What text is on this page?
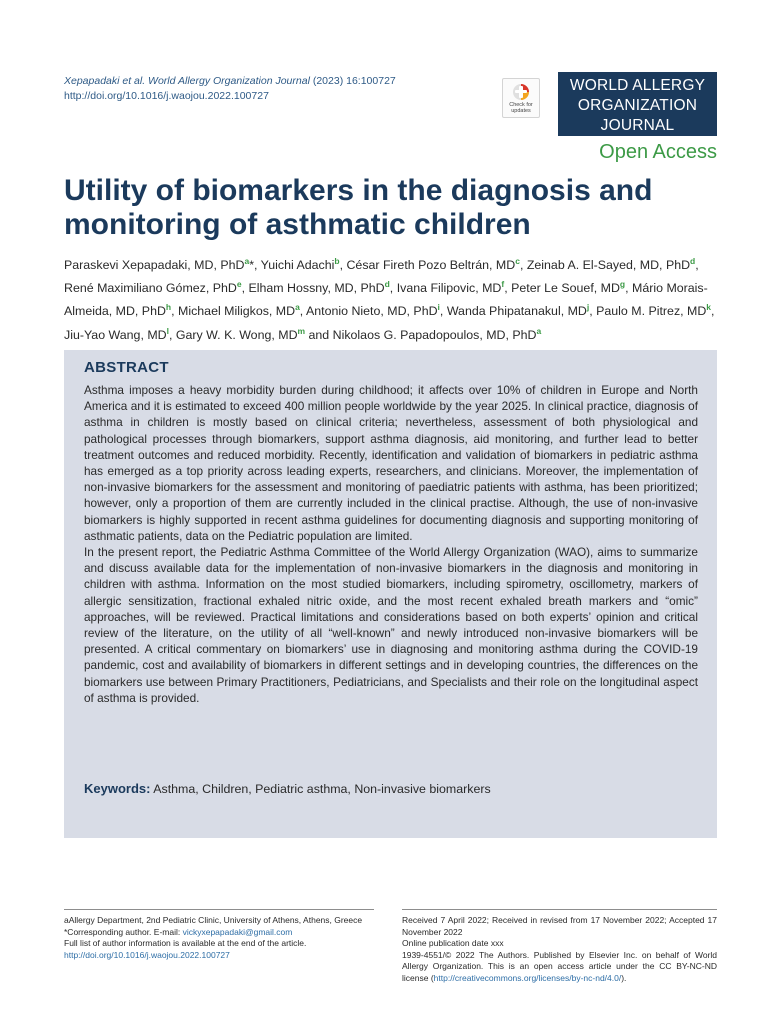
Xepapadaki et al. World Allergy Organization Journal (2023) 16:100727
http://doi.org/10.1016/j.waojou.2022.100727
Check for updates
WORLD ALLERGY
ORGANIZATION
JOURNAL
Open Access
Utility of biomarkers in the diagnosis and monitoring of asthmatic children
Paraskevi Xepapadaki, MD, PhD$^a$*, Yuichi Adachi$^b$, César Fireth Pozo Beltrán, $MD^c$, Zeinab A. El-Sayed, MD, PhD$^d$, René Maximiliano Gómez, PhD$^e$, Elham Hossny, MD, PhD$^d$, Ivana Filipovic, $MD^f$, Peter Le Souef, $MD^g$, Mário Morais-Almeida, MD, PhD$^h$, Michael Miligkos, $MD^a$, Antonio Nieto, MD, PhD$^i$, Wanda Phipatanakul, $MD^j$, Paulo M. Pitrez, $MD^k$, Jiu-Yao Wang, $MD^l$, Gary W. K. Wong, $MD^m$ and Nikolaos G. Papadopoulos, MD, PhD$^a$
ABSTRACT

Asthma imposes a heavy morbidity burden during childhood; it affects over 10% of children in Europe and North America and it is estimated to exceed 400 million people worldwide by the year 2025. In clinical practice, diagnosis of asthma in children is mostly based on clinical criteria; nevertheless, assessment of both physiological and pathological processes through biomarkers, support asthma diagnosis, aid monitoring, and further lead to better treatment outcomes and reduced morbidity. Recently, identification and validation of biomarkers in pediatric asthma has emerged as a top priority across leading experts, researchers, and clinicians. Moreover, the implementation of non-invasive biomarkers for the assessment and monitoring of paediatric patients with asthma, has been prioritized; however, only a proportion of them are currently included in the clinical practise. Although, the use of non-invasive biomarkers is highly supported in recent asthma guidelines for documenting diagnosis and supporting monitoring of asthmatic patients, data on the Pediatric population are limited.

In the present report, the Pediatric Asthma Committee of the World Allergy Organization (WAO), aims to summarize and discuss available data for the implementation of non-invasive biomarkers in the diagnosis and monitoring in children with asthma. Information on the most studied biomarkers, including spirometry, oscillometry, markers of allergic sensitization, fractional exhaled nitric oxide, and the most recent exhaled breath markers and “omic” approaches, will be reviewed. Practical limitations and considerations based on both experts’ opinion and critical review of the literature, on the utility of all “well-known” and newly introduced non-invasive biomarkers will be presented. A critical commentary on biomarkers’ use in diagnosing and monitoring asthma during the COVID-19 pandemic, cost and availability of biomarkers in different settings and in developing countries, the differences on the biomarkers use between Primary Practitioners, Pediatricians, and Specialists and their role on the longitudinal aspect of asthma is provided.

Keywords: Asthma, Children, Pediatric asthma, Non-invasive biomarkers
aAllergy Department, 2nd Pediatric Clinic, University of Athens, Athens, Greece
*Corresponding author. E-mail: vickyxepapadaki@gmail.com
Full list of author information is available at the end of the article.
http://doi.org/10.1016/j.waojou.2022.100727
Received 7 April 2022; Received in revised from 17 November 2022; Accepted 17 November 2022
Online publication date xxx
1939-4551/© 2022 The Authors. Published by Elsevier Inc. on behalf of World Allergy Organization. This is an open access article under the CC BY-NC-ND license (http://creativecommons.org/licenses/by-nc-nd/4.0/).
